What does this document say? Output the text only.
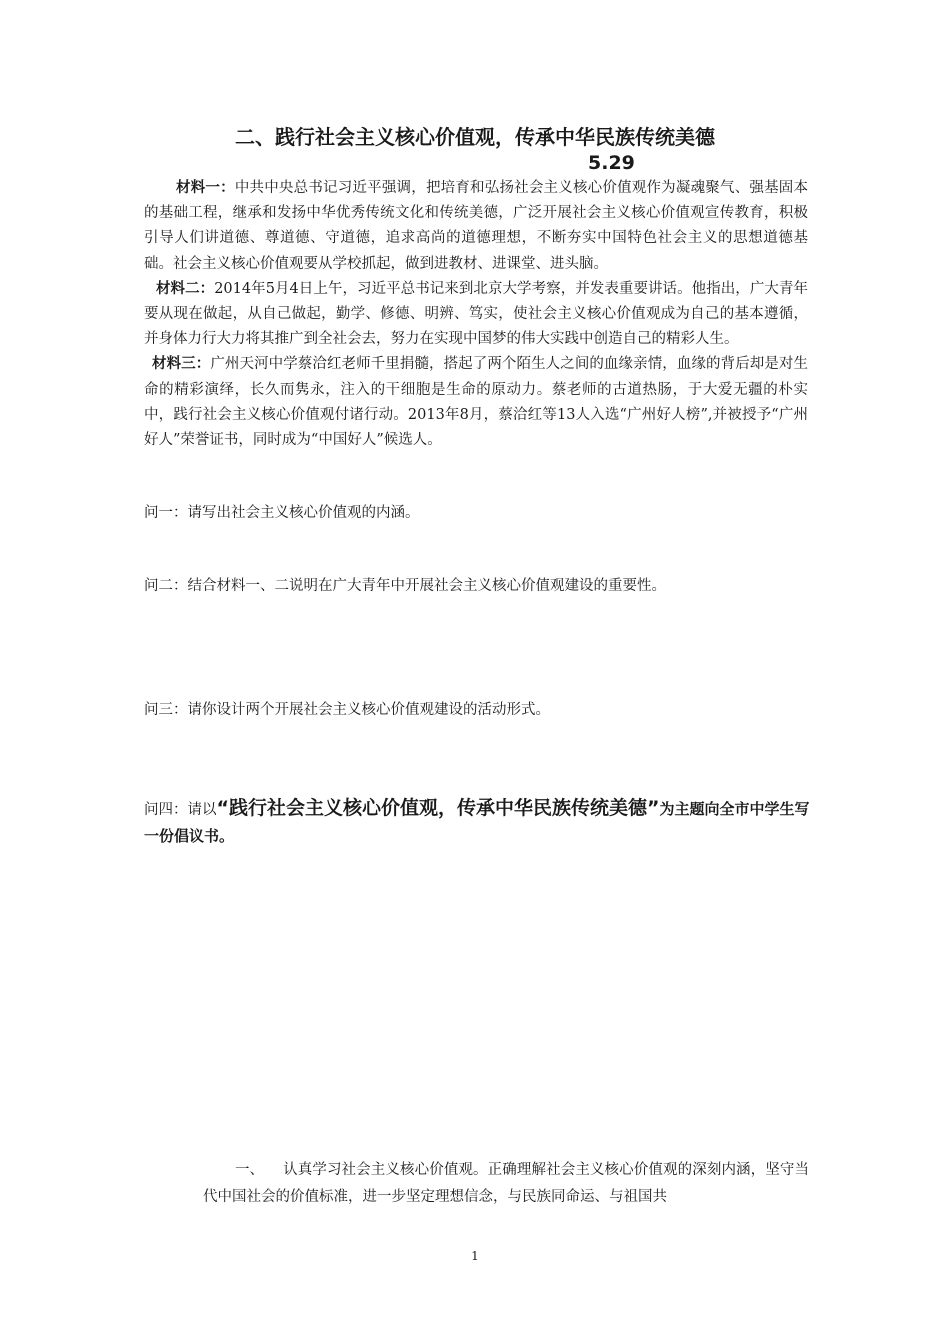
二、践行社会主义核心价值观，传承中华民族传统美德
5.29

材料一：中共中央总书记习近平强调，把培育和弘扬社会主义核心价值观作为凝魂聚气、强基固本的基础工程，继承和发扬中华优秀传统文化和传统美德，广泛开展社会主义核心价值观宣传教育，积极引导人们讲道德、尊道德、守道德，追求高尚的道德理想，不断夯实中国特色社会主义的思想道德基础。社会主义核心价值观要从学校抓起，做到进教材、进课堂、进头脑。

材料二：2014年5月4日上午，习近平总书记来到北京大学考察，并发表重要讲话。他指出，广大青年要从现在做起，从自己做起，勤学、修德、明辨、笃实，使社会主义核心价值观成为自己的基本遵循，并身体力行大力将其推广到全社会去，努力在实现中国梦的伟大实践中创造自己的精彩人生。

材料三：广州天河中学蔡洽红老师千里捐髓，搭起了两个陌生人之间的血缘亲情，血缘的背后却是对生命的精彩演绎，长久而隽永，注入的干细胞是生命的原动力。蔡老师的古道热肠，于大爱无疆的朴实中，践行社会主义核心价值观付诸行动。2013年8月，蔡洽红等13人入选“广州好人榜”,并被授予“广州好人”荣誉证书，同时成为“中国好人”候选人。

问一：请写出社会主义核心价值观的内涵。
问二：结合材料一、二说明在广大青年中开展社会主义核心价值观建设的重要性。
问三：请你设计两个开展社会主义核心价值观建设的活动形式。
问四：请以“践行社会主义核心价值观，传承中华民族传统美德”为主题向全市中学生写一份倡议书。
一、 认真学习社会主义核心价值观。正确理解社会主义核心价值观的深刻内涵，坚守当代中国社会的价值标准，进一步坚定理想信念，与民族同命运、与祖国共
1
